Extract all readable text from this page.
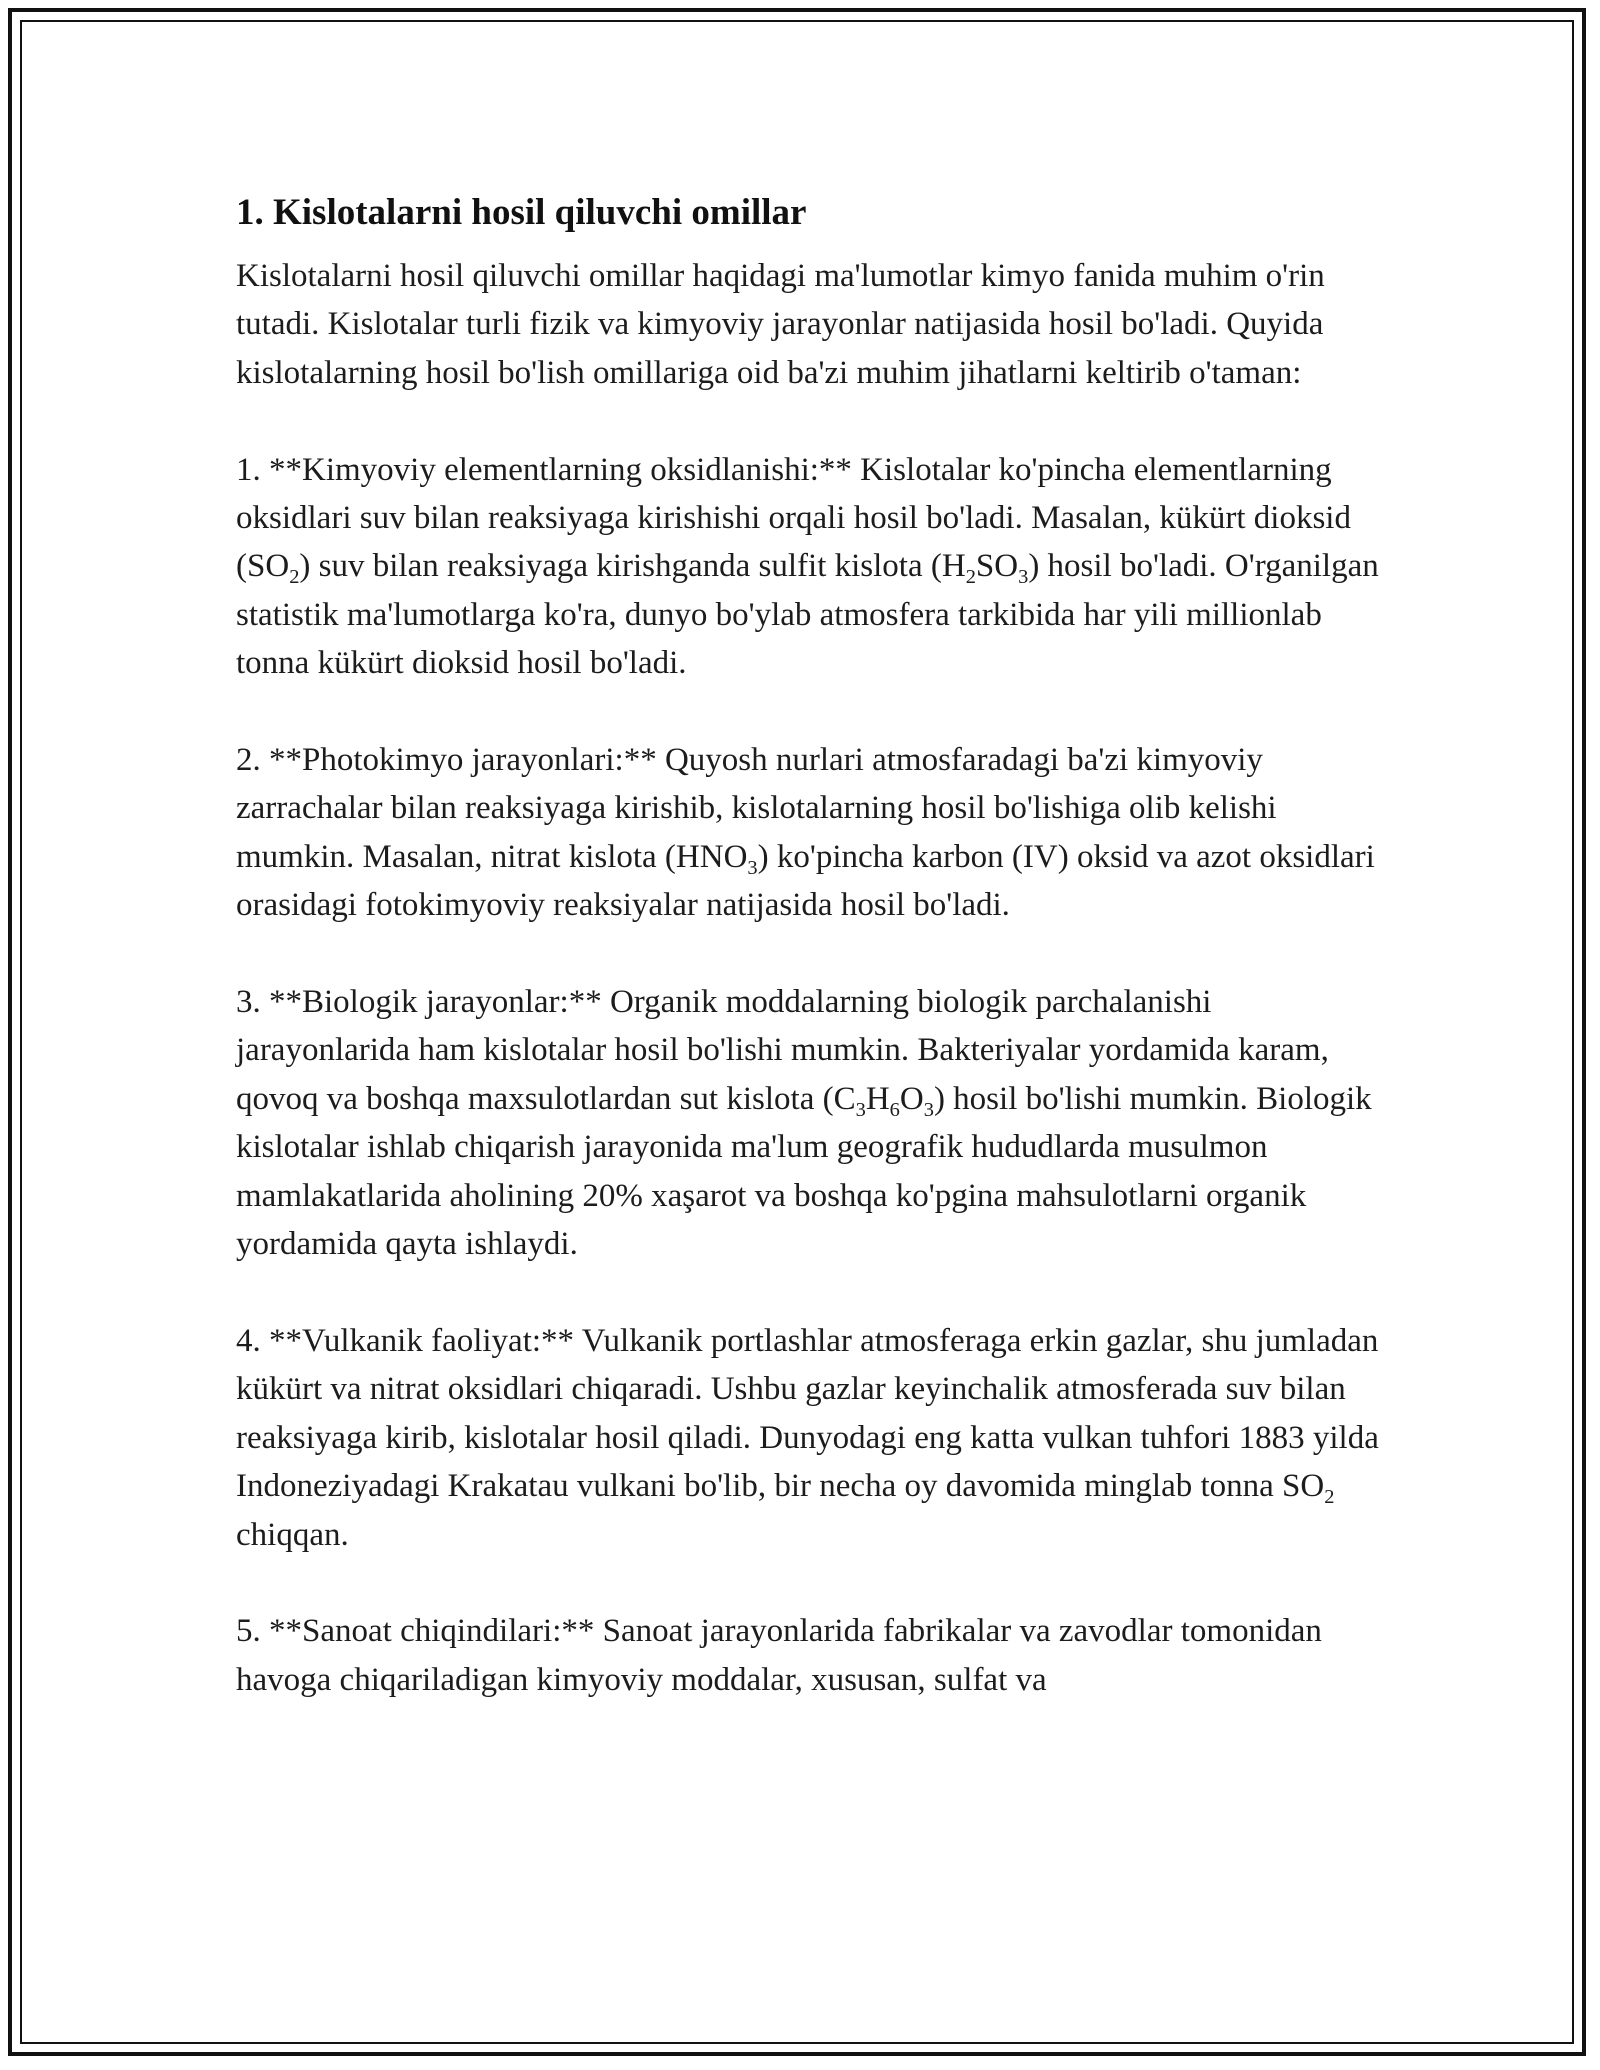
1. Kislotalarni hosil qiluvchi omillar

Kislotalarni hosil qiluvchi omillar haqidagi ma'lumotlar kimyo fanida muhim o'rin tutadi. Kislotalar turli fizik va kimyoviy jarayonlar natijasida hosil bo'ladi. Quyida kislotalarning hosil bo'lish omillariga oid ba'zi muhim jihatlarni keltirib o'taman:

1. **Kimyoviy elementlarning oksidlanishi:** Kislotalar ko'pincha elementlarning oksidlari suv bilan reaksiyaga kirishishi orqali hosil bo'ladi. Masalan, kükürt dioksid $(SO_2)$ suv bilan reaksiyaga kirishganda sulfit kislota $(H_2SO_3)$ hosil bo'ladi. O'rganilgan statistik ma'lumotlarga ko'ra, dunyo bo'ylab atmosfera tarkibida har yili millionlab tonna kükürt dioksid hosil bo'ladi.

2. **Photokimyo jarayonlari:** Quyosh nurlari atmosfaradagi ba'zi kimyoviy zarrachalar bilan reaksiyaga kirishib, kislotalarning hosil bo'lishiga olib kelishi mumkin. Masalan, nitrat kislota $(HNO_3)$ ko'pincha karbon (IV) oksid va azot oksidlari orasidagi fotokimyoviy reaksiyalar natijasida hosil bo'ladi.

3. **Biologik jarayonlar:** Organik moddalarning biologik parchalanishi jarayonlarida ham kislotalar hosil bo'lishi mumkin. Bakteriyalar yordamida karam, qovoq va boshqa maxsulotlardan sut kislota $(C_3H_6O_3)$ hosil bo'lishi mumkin. Biologik kislotalar ishlab chiqarish jarayonida ma'lum geografik hududlarda musulmon mamlakatlarida aholining 20% xaşarot va boshqa ko'pgina mahsulotlarni organik yordamida qayta ishlaydi.

4. **Vulkanik faoliyat:** Vulkanik portlashlar atmosferaga erkin gazlar, shu jumladan kükürt va nitrat oksidlari chiqaradi. Ushbu gazlar keyinchalik atmosferada suv bilan reaksiyaga kirib, kislotalar hosil qiladi. Dunyodagi eng katta vulkan tuhfori 1883 yilda Indoneziyadagi Krakatau vulkani bo'lib, bir necha oy davomida minglab tonna $SO_2$ chiqqan.

5. **Sanoat chiqindilari:** Sanoat jarayonlarida fabrikalar va zavodlar tomonidan havoga chiqariladigan kimyoviy moddalar, xususan, sulfat va
